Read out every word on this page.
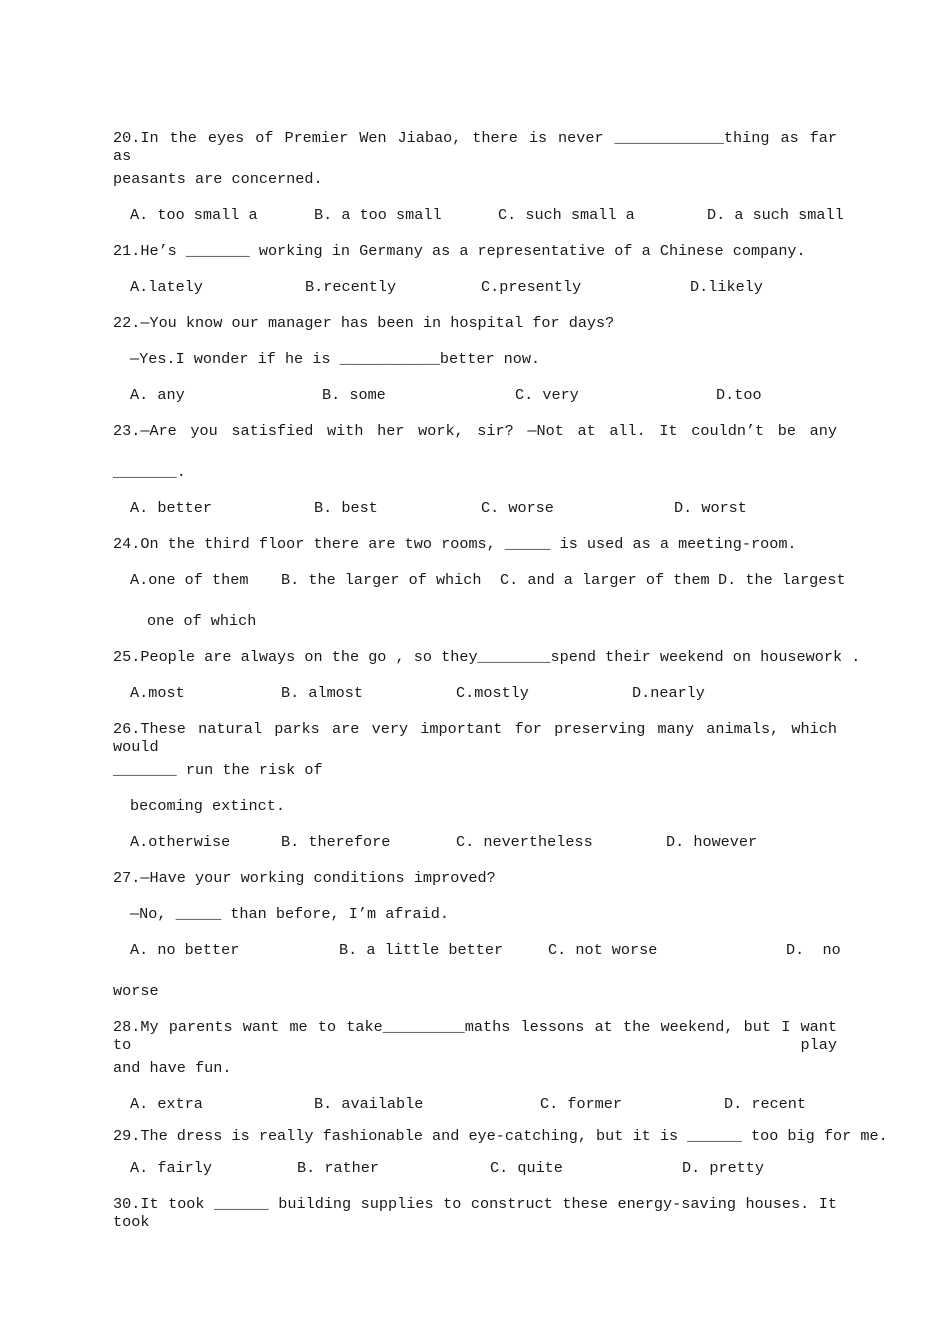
20.In the eyes of Premier Wen Jiabao, there is never ____________thing as far as
peasants are concerned.
A. too small a	B. a too small	C. such small a	D. a such small
21.He’s _______ working in Germany as a representative of a Chinese company.
A.lately	B.recently	C.presently	D.likely
22.—You know our manager has been in hospital for days?
—Yes.I wonder if he is ___________better now.
A. any	B. some	C. very	D.too
23.—Are you satisfied with her work, sir? —Not at all. It couldn’t be any
_______.
A. better	B. best	C. worse	D. worst
24.On the third floor there are two rooms, _____ is used as a meeting-room.
A.one of them B. the larger of which C. and a larger of them D. the largest
one of which
25.People are always on the go , so they________spend their weekend on housework .
A.most	B. almost	C.mostly	D.nearly
26.These natural parks are very important for preserving many animals, which would
_______ run the risk of
becoming extinct.
A.otherwise	B. therefore	C. nevertheless	D. however
27.—Have your working conditions improved?
—No, _____ than before, I’m afraid.
A. no better	B. a little better	C. not worse	D.  no
worse
28.My parents want me to take_________maths lessons at the weekend, but I want to play
and have fun.
A. extra	B. available	C. former	D. recent
29.The dress is really fashionable and eye-catching, but it is ______ too big for me.
A. fairly	B. rather	C. quite	D. pretty
30.It took ______ building supplies to construct these energy-saving houses. It took
